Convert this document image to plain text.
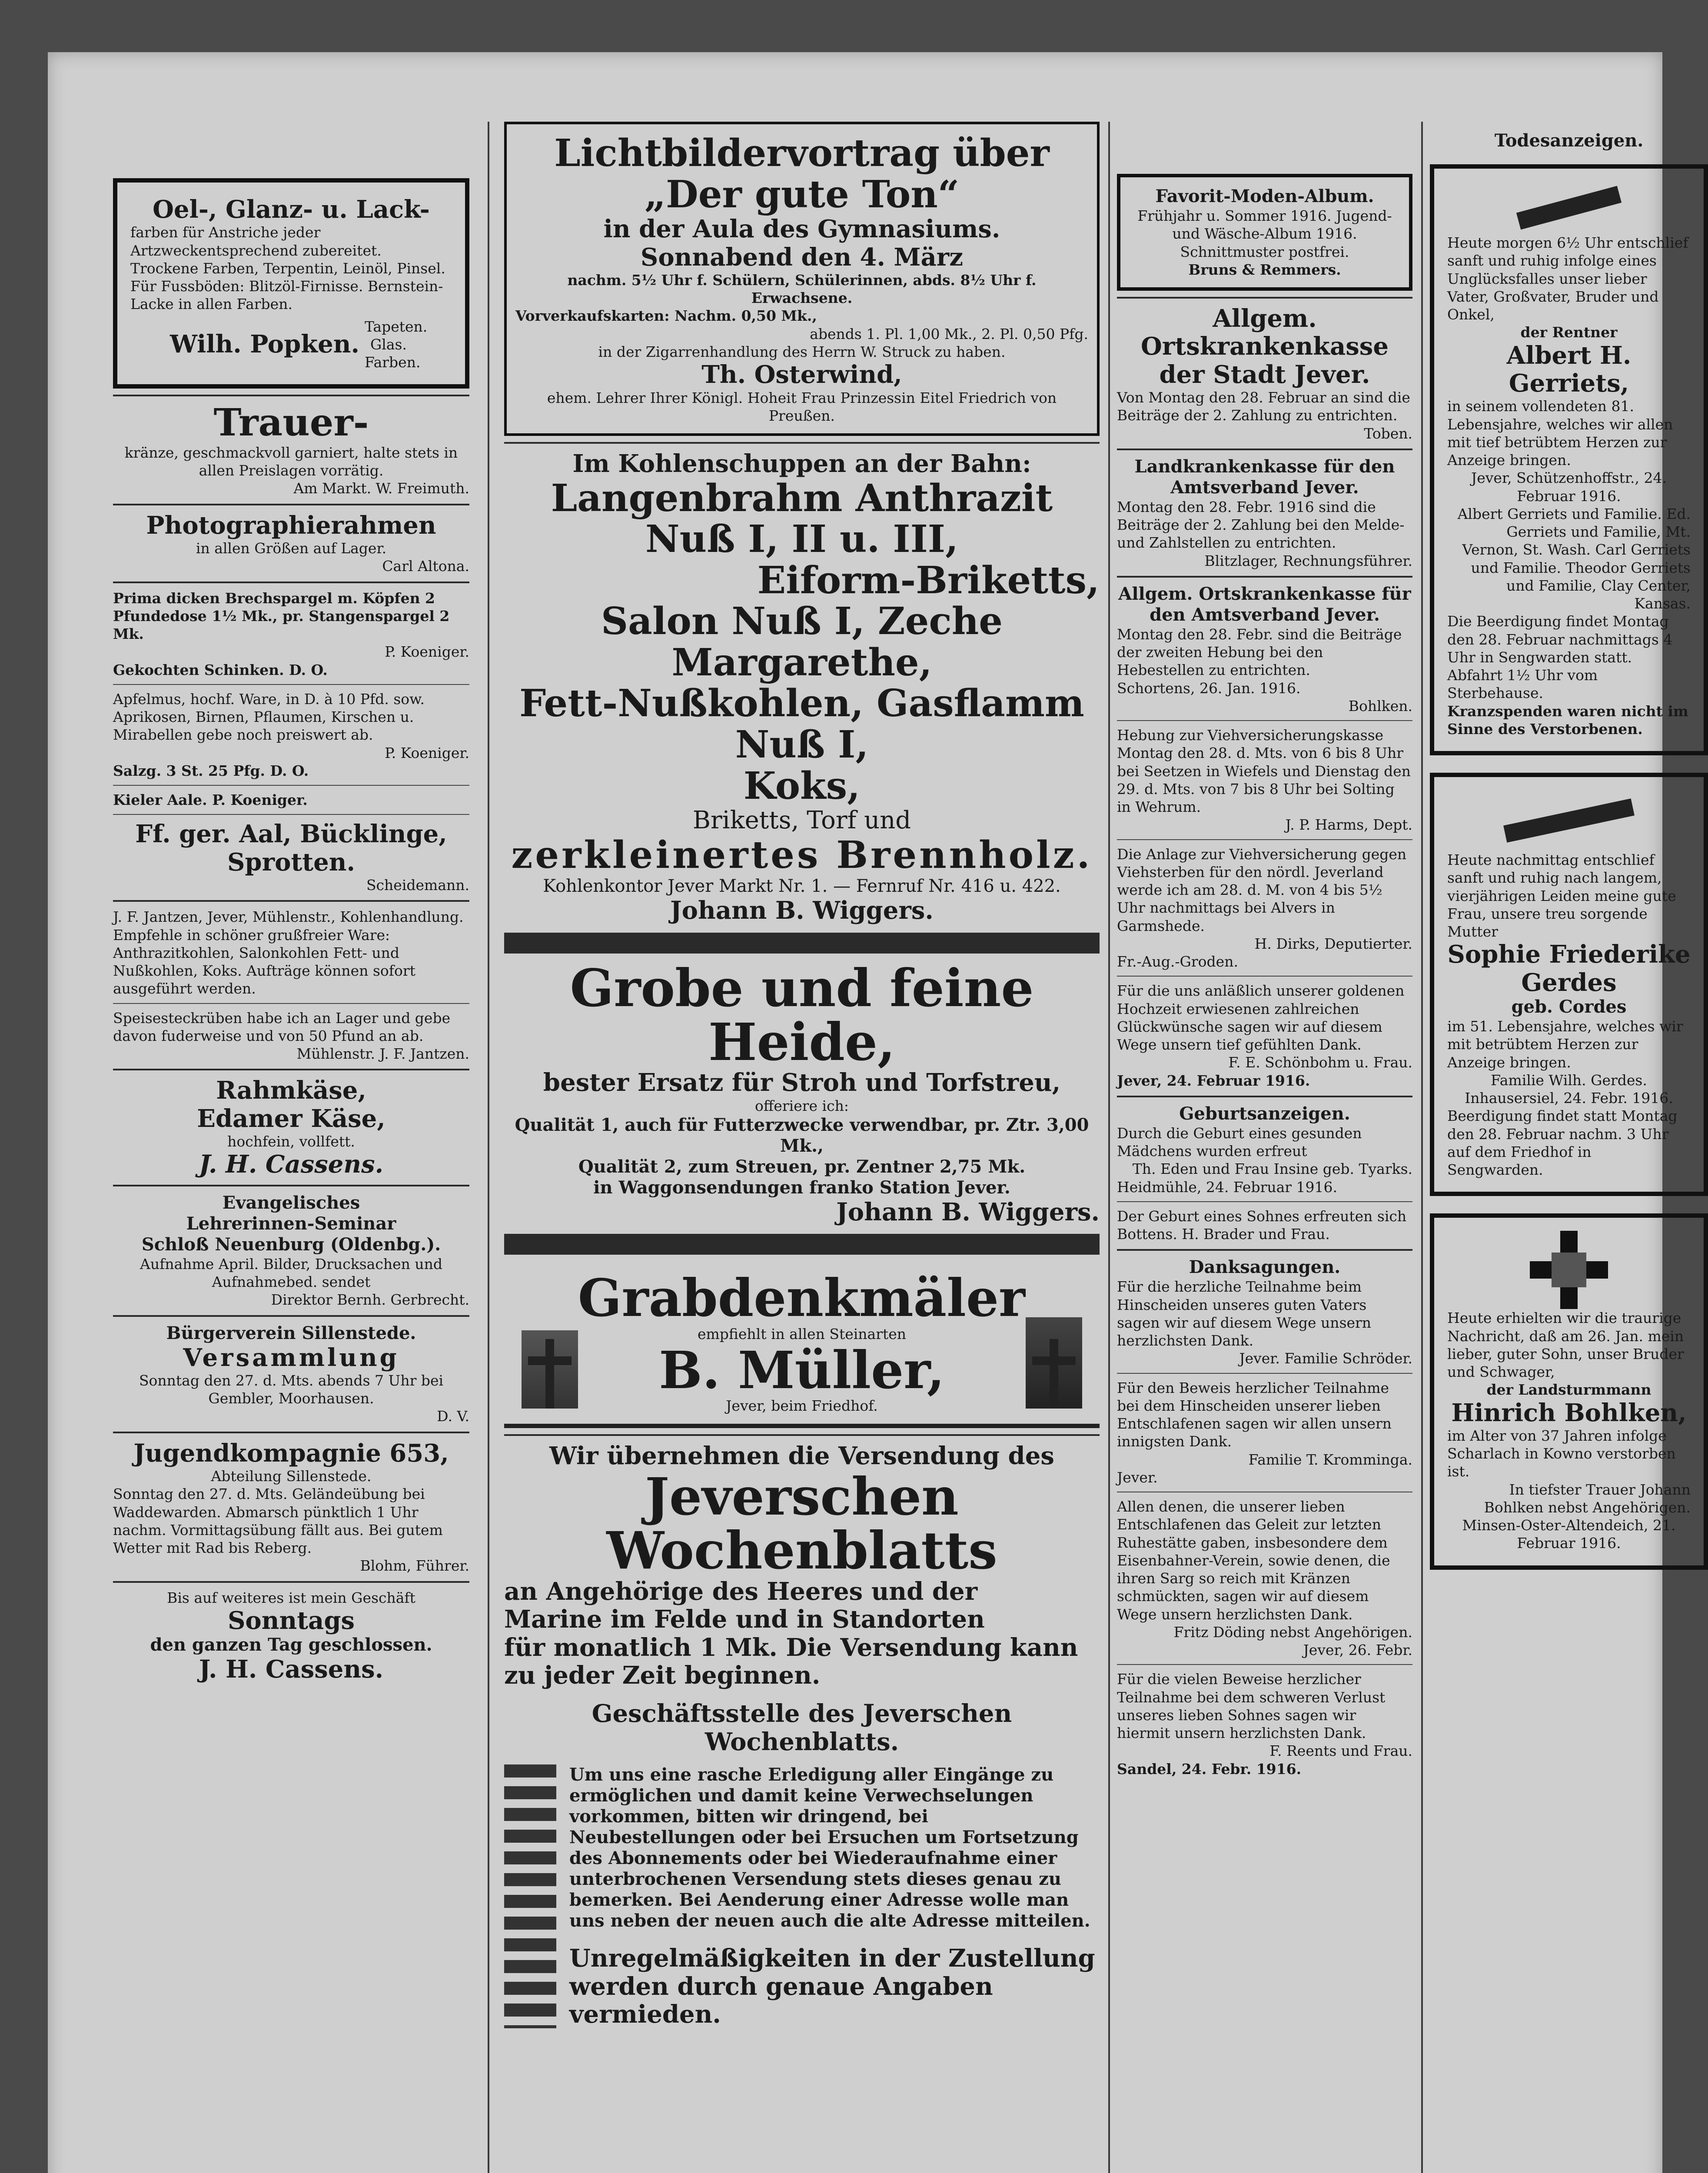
Oel-, Glanz- u. Lack-
farben für Anstriche jeder Artzweckentsprechend zubereitet. Trockene Farben, Terpentin, Leinöl, Pinsel. Für Fussböden: Blitzöl-Firnisse. Bernstein-Lacke in allen Farben.
Wilh. Popken.
Tapeten. Glas. Farben.
Trauer-
kränze, geschmackvoll garniert, halte stets in allen Preislagen vorrätig.
Am Markt. W. Freimuth.
Photographierahmen
in allen Größen auf Lager.
Carl Altona.
Prima dicken Brechspargel m. Köpfen 2 Pfundedose 1½ Mk., pr. Stangenspargel 2 Mk.
P. Koeniger.
Gekochten Schinken. D. O.
Apfelmus, hochf. Ware, in D. à 10 Pfd. sow. Aprikosen, Birnen, Pflaumen, Kirschen u. Mirabellen gebe noch preiswert ab.
P. Koeniger.
Salzg. 3 St. 25 Pfg. D. O.
Kieler Aale. P. Koeniger.
Ff. ger. Aal, Bücklinge, Sprotten.
Scheidemann.
J. F. Jantzen, Jever, Mühlenstr., Kohlenhandlung. Empfehle in schöner grußfreier Ware: Anthrazitkohlen, Salonkohlen Fett- und Nußkohlen, Koks. Aufträge können sofort ausgeführt werden.
Speisesteckrüben habe ich an Lager und gebe davon fuderweise und von 50 Pfund an ab.
Mühlenstr. J. F. Jantzen.
Rahmkäse,
Edamer Käse,
hochfein, vollfett.
J. H. Cassens.
Evangelisches
Lehrerinnen-Seminar
Schloß Neuenburg (Oldenbg.).
Aufnahme April. Bilder, Drucksachen und Aufnahmebed. sendet
Direktor Bernh. Gerbrecht.
Bürgerverein Sillenstede.
Versammlung
Sonntag den 27. d. Mts. abends 7 Uhr bei Gembler, Moorhausen.
D. V.
Jugendkompagnie 653,
Abteilung Sillenstede.
Sonntag den 27. d. Mts. Geländeübung bei Waddewarden. Abmarsch pünktlich 1 Uhr nachm. Vormittagsübung fällt aus. Bei gutem Wetter mit Rad bis Reberg.
Blohm, Führer.
Bis auf weiteres ist mein Geschäft
Sonntags
den ganzen Tag geschlossen.
J. H. Cassens.
Lichtbildervortrag über „Der gute Ton“
in der Aula des Gymnasiums.
Sonnabend den 4. März
nachm. 5½ Uhr f. Schülern, Schülerinnen, abds. 8½ Uhr f. Erwachsene.
Vorverkaufskarten: Nachm. 0,50 Mk.,
abends 1. Pl. 1,00 Mk., 2. Pl. 0,50 Pfg.
in der Zigarrenhandlung des Herrn W. Struck zu haben.
Th. Osterwind,
ehem. Lehrer Ihrer Königl. Hoheit Frau Prinzessin Eitel Friedrich von Preußen.
Im Kohlenschuppen an der Bahn:
Langenbrahm Anthrazit Nuß I, II u. III,
Eiform-Briketts,
Salon Nuß I, Zeche Margarethe,
Fett-Nußkohlen, Gasflamm Nuß I,
Koks,
Briketts, Torf und
zerkleinertes Brennholz.
Kohlenkontor Jever Markt Nr. 1. — Fernruf Nr. 416 u. 422.
Johann B. Wiggers.
Grobe und feine Heide,
bester Ersatz für Stroh und Torfstreu,
offeriere ich:
Qualität 1, auch für Futterzwecke verwendbar, pr. Ztr. 3,00 Mk.,
Qualität 2, zum Streuen, pr. Zentner 2,75 Mk.
in Waggonsendungen franko Station Jever.
Johann B. Wiggers.
Grabdenkmäler
empfiehlt in allen Steinarten
B. Müller,
Jever, beim Friedhof.
Wir übernehmen die Versendung des
Jeverschen Wochenblatts
an Angehörige des Heeres und der
Marine im Felde und in Standorten
für monatlich 1 Mk. Die Versendung kann
zu jeder Zeit beginnen.
Geschäftsstelle des Jeverschen Wochenblatts.
Um uns eine rasche Erledigung aller Eingänge zu ermöglichen und damit keine Verwechselungen vorkommen, bitten wir dringend, bei Neubestellungen oder bei Ersuchen um Fortsetzung des Abonnements oder bei Wiederaufnahme einer unterbrochenen Versendung stets dieses genau zu bemerken. Bei Aenderung einer Adresse wolle man uns neben der neuen auch die alte Adresse mitteilen.
Unregelmäßigkeiten in der Zustellung werden durch genaue Angaben vermieden.
Favorit-Moden-Album.
Frühjahr u. Sommer 1916. Jugend- und Wäsche-Album 1916. Schnittmuster postfrei.
Bruns & Remmers.
Allgem. Ortskrankenkasse der Stadt Jever.
Von Montag den 28. Februar an sind die Beiträge der 2. Zahlung zu entrichten.
Toben.
Landkrankenkasse für den Amtsverband Jever.
Montag den 28. Febr. 1916 sind die Beiträge der 2. Zahlung bei den Melde- und Zahlstellen zu entrichten.
Blitzlager, Rechnungsführer.
Allgem. Ortskrankenkasse für den Amtsverband Jever.
Montag den 28. Febr. sind die Beiträge der zweiten Hebung bei den Hebestellen zu entrichten.
Schortens, 26. Jan. 1916.
Bohlken.
Hebung zur Viehversicherungskasse Montag den 28. d. Mts. von 6 bis 8 Uhr bei Seetzen in Wiefels und Dienstag den 29. d. Mts. von 7 bis 8 Uhr bei Solting in Wehrum.
J. P. Harms, Dept.
Die Anlage zur Viehversicherung gegen Viehsterben für den nördl. Jeverland werde ich am 28. d. M. von 4 bis 5½ Uhr nachmittags bei Alvers in Garmshede.
H. Dirks, Deputierter.
Fr.-Aug.-Groden.
Für die uns anläßlich unserer goldenen Hochzeit erwiesenen zahlreichen Glückwünsche sagen wir auf diesem Wege unsern tief gefühlten Dank.
F. E. Schönbohm u. Frau.
Jever, 24. Februar 1916.
Geburtsanzeigen.
Durch die Geburt eines gesunden Mädchens wurden erfreut
Th. Eden und Frau Insine geb. Tyarks.
Heidmühle, 24. Februar 1916.
Der Geburt eines Sohnes erfreuten sich
Bottens. H. Brader und Frau.
Danksagungen.
Für die herzliche Teilnahme beim Hinscheiden unseres guten Vaters sagen wir auf diesem Wege unsern herzlichsten Dank.
Jever. Familie Schröder.
Für den Beweis herzlicher Teilnahme bei dem Hinscheiden unserer lieben Entschlafenen sagen wir allen unsern innigsten Dank.
Familie T. Kromminga.
Jever.
Allen denen, die unserer lieben Entschlafenen das Geleit zur letzten Ruhestätte gaben, insbesondere dem Eisenbahner-Verein, sowie denen, die ihren Sarg so reich mit Kränzen schmückten, sagen wir auf diesem Wege unsern herzlichsten Dank.
Fritz Döding nebst Angehörigen.
Jever, 26. Febr.
Für die vielen Beweise herzlicher Teilnahme bei dem schweren Verlust unseres lieben Sohnes sagen wir hiermit unsern herzlichsten Dank.
F. Reents und Frau.
Sandel, 24. Febr. 1916.
Todesanzeigen.
Heute morgen 6½ Uhr entschlief sanft und ruhig infolge eines Unglücksfalles unser lieber Vater, Großvater, Bruder und Onkel,
der Rentner
Albert H. Gerriets,
in seinem vollendeten 81. Lebensjahre, welches wir allen mit tief betrübtem Herzen zur Anzeige bringen.
Jever, Schützenhoffstr., 24. Februar 1916.
Albert Gerriets und Familie. Ed. Gerriets und Familie, Mt. Vernon, St. Wash. Carl Gerriets und Familie. Theodor Gerriets und Familie, Clay Center, Kansas.
Die Beerdigung findet Montag den 28. Februar nachmittags 4 Uhr in Sengwarden statt. Abfahrt 1½ Uhr vom Sterbehause.
Kranzspenden waren nicht im Sinne des Verstorbenen.
Heute nachmittag entschlief sanft und ruhig nach langem, vierjährigen Leiden meine gute Frau, unsere treu sorgende Mutter
Sophie Friederike Gerdes
geb. Cordes
im 51. Lebensjahre, welches wir mit betrübtem Herzen zur Anzeige bringen.
Familie Wilh. Gerdes.
Inhausersiel, 24. Febr. 1916.
Beerdigung findet statt Montag den 28. Februar nachm. 3 Uhr auf dem Friedhof in Sengwarden.
Heute erhielten wir die traurige Nachricht, daß am 26. Jan. mein lieber, guter Sohn, unser Bruder und Schwager,
der Landsturmmann
Hinrich Bohlken,
im Alter von 37 Jahren infolge Scharlach in Kowno verstorben ist.
In tiefster Trauer Johann Bohlken nebst Angehörigen.
Minsen-Oster-Altendeich, 21. Februar 1916.
